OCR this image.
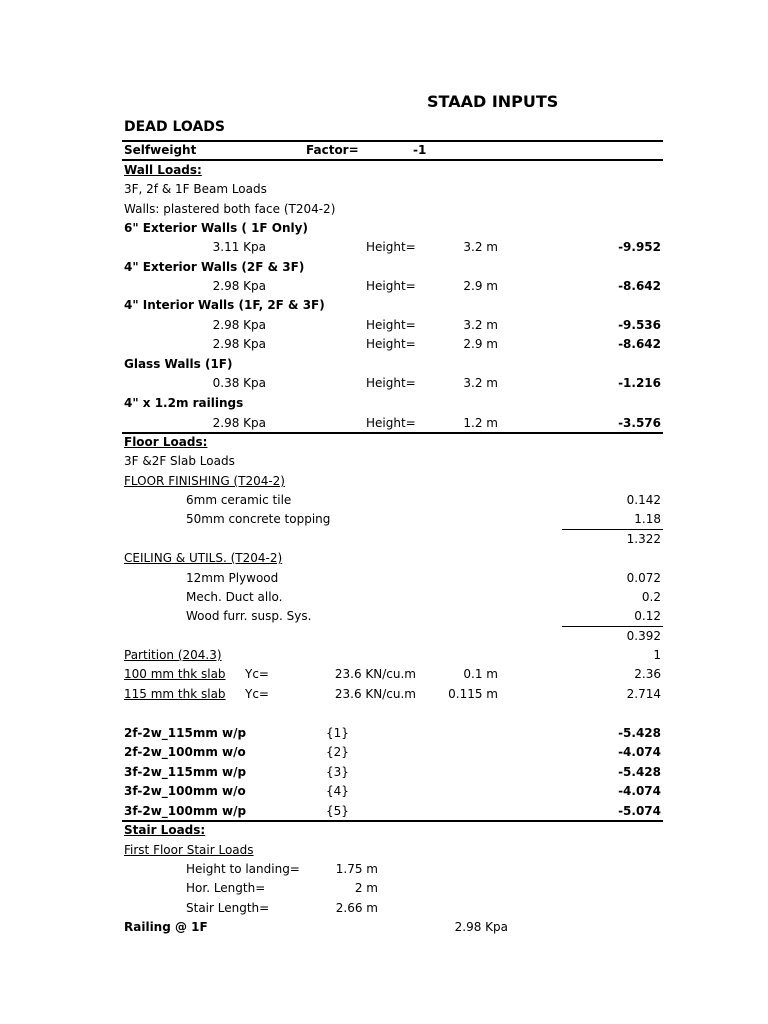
STAAD INPUTS
DEAD LOADS
Selfweight	Factor=	-1
Wall Loads:
3F, 2f & 1F Beam Loads
Walls: plastered both face (T204-2)
6" Exterior Walls ( 1F Only)
3.11 Kpa	Height=	3.2 m	-9.952
4" Exterior Walls (2F & 3F)
2.98 Kpa	Height=	2.9 m	-8.642
4" Interior Walls (1F, 2F & 3F)
2.98 Kpa	Height=	3.2 m	-9.536
2.98 Kpa	Height=	2.9 m	-8.642
Glass Walls (1F)
0.38 Kpa	Height=	3.2 m	-1.216
4" x 1.2m railings
2.98 Kpa	Height=	1.2 m	-3.576
Floor Loads:
3F &2F Slab Loads
FLOOR FINISHING (T204-2)
6mm ceramic tile	0.142
50mm concrete topping	1.18
1.322
CEILING & UTILS. (T204-2)
12mm Plywood	0.072
Mech. Duct allo.	0.2
Wood furr. susp. Sys.	0.12
0.392
Partition (204.3)	1
100 mm thk slab Yc=	23.6 KN/cu.m	0.1 m	2.36
115 mm thk slab Yc=	23.6 KN/cu.m	0.115 m	2.714
2f-2w_115mm w/p	{1}	-5.428
2f-2w_100mm w/o	{2}	-4.074
3f-2w_115mm w/p	{3}	-5.428
3f-2w_100mm w/o	{4}	-4.074
3f-2w_100mm w/p	{5}	-5.074
Stair Loads:
First Floor Stair Loads
Height to landing=	1.75 m
Hor. Length=	2 m
Stair Length=	2.66 m
Railing @ 1F	2.98 Kpa
